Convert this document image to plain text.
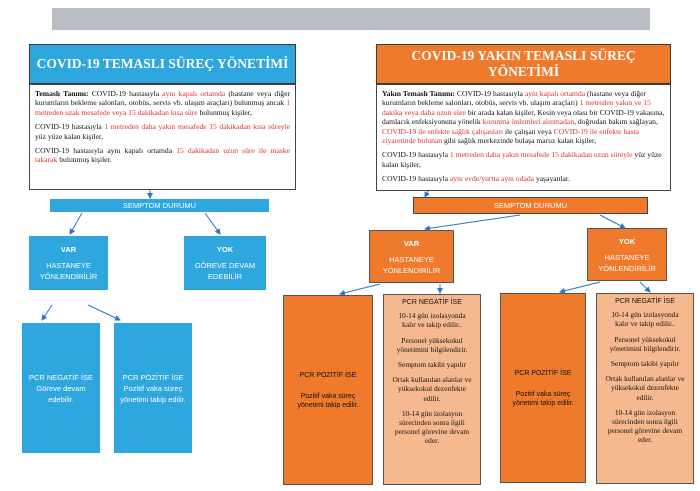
COVID-19 TEMASLI SÜREÇ YÖNETİMİ
Temaslı Tanımı: COVID-19 hastasıyla aynı kapalı ortamda (hastane veya diğer kurumların bekleme salonları, otobüs, servis vb. ulaşım araçları) bulunmuş ancak 1 metreden uzak mesafede veya 15 dakikadan kısa süre bulunmuş kişiler,
COVID-19 hastasıyla 1 metreden daha yakın mesafede 15 dakikadan kısa süreyle yüz yüze kalan kişiler,
COVID-19 hastasıyla aynı kapalı ortamda 15 dakikadan uzun süre ile maske takarak bulunmuş kişiler.
SEMPTOM DURUMU
VAR
HASTANEYE YÖNLENDİRİLİR
YOK
GÖREVE DEVAM EDEBİLİR
PCR NEGATİF İSE
Göreve devam edebilir.
PCR POZİTİF İSE
Pozitif vaka süreç yönetimi takip edilir.
COVID-19 YAKIN TEMASLI SÜREÇ YÖNETİMİ
Yakın Temaslı Tanımı: COVID-19 hastasıyla aynı kapalı ortamda (hastane veya diğer kurumların bekleme salonları, otobüs, servis vb. ulaşım araçları) 1 metreden yakın ve 15 dakika veya daha uzun süre bir arada kalan kişiler, Kesin veya olası bir COVID-19 vakasına, damlacık enfeksiyonuna yönelik korunma önlemleri alınmadan, doğrudan bakım sağlayan, COVID-19 ile enfekte sağlık çalışanları ile çalışan veya COVID-19 ile enfekte hasta ziyaretinde bulunan gibi sağlık merkezinde bulaşa maruz kalan kişiler,
COVID-19 hastasıyla 1 metreden daha yakın mesafede 15 dakikadan uzun süreyle yüz yüze kalan kişiler,
COVID-19 hastasıyla aynı evde/yurtta aynı odada yaşayanlar.
SEMPTOM DURUMU
VAR
HASTANEYE YÖNLENDİRİLİR
YOK
HASTANEYE YÖNLENDİRİLİR
PCR POZİTİF İSE
Pozitif vaka süreç yönetimi takip edilir.
PCR NEGATİF İSE
10-14 gün izolasyonda kalır ve takip edilir..
Personel yüksekokul yönetimini bilgilendirir.
Semptom takibi yapılır
Ortak kullanılan alanlar ve yüksekokul dezenfekte edilir.
10-14 gün izolasyon sürecinden sonra ilgili personel görevine devam eder.
PCR POZİTİF İSE
Pozitif vaka süreç yönetimi takip edilir.
PCR NEGATİF İSE
10-14 gün izolasyonda kalır ve takip edilir..
Personel yüksekokul yönetimini bilgilendirir.
Semptom takibi yapılır
Ortak kullanılan alanlar ve yüksekokul dezenfekte edilir.
10-14 gün izolasyon sürecinden sonra ilgili personel görevine devam eder.
